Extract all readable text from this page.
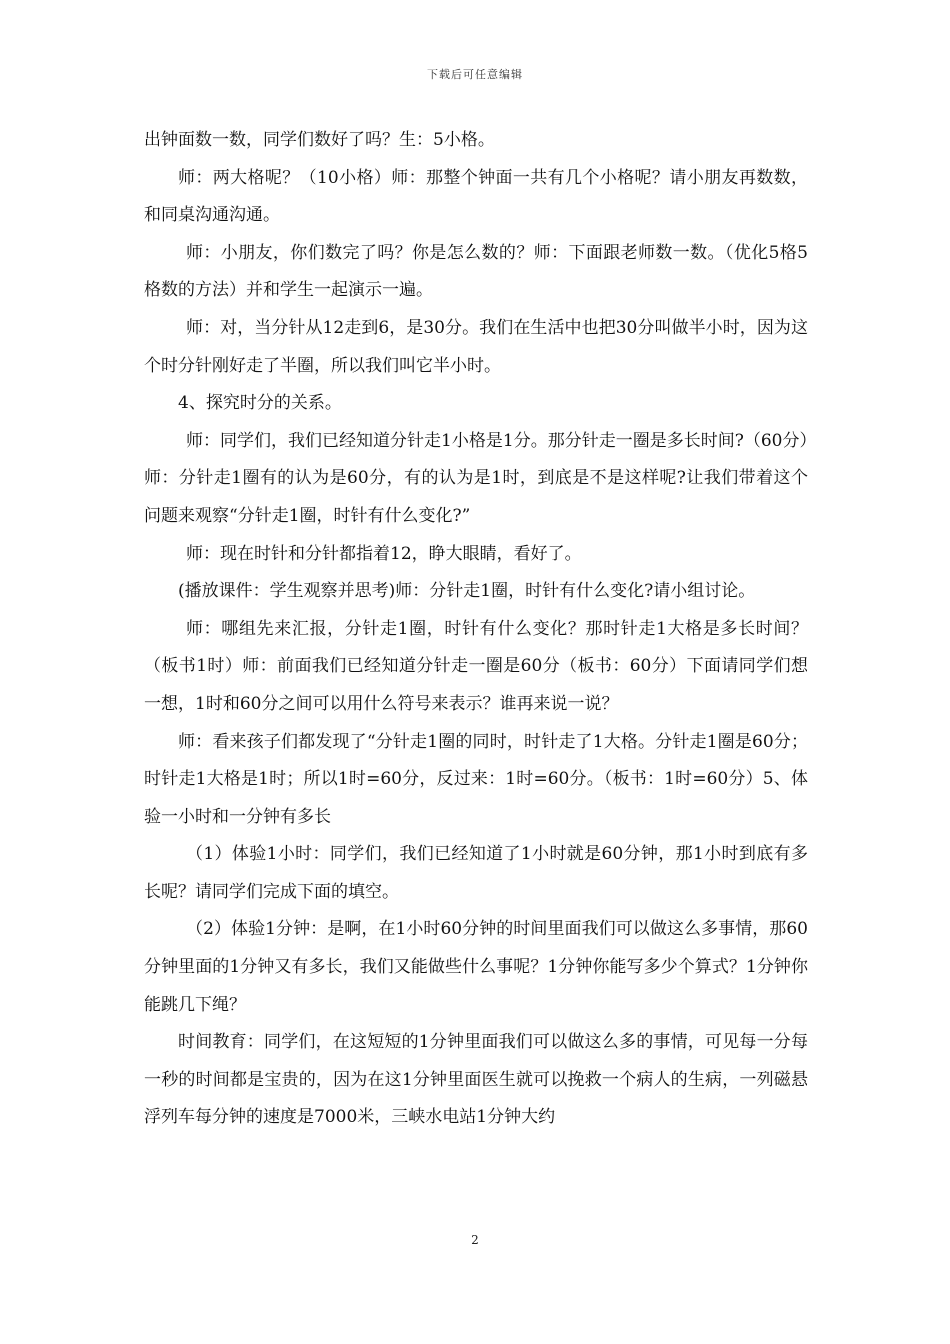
下载后可任意编辑

出钟面数一数，同学们数好了吗？生：5小格。

师：两大格呢？（10小格）师：那整个钟面一共有几个小格呢？请小朋友再数数，和同桌沟通沟通。

师：小朋友，你们数完了吗？你是怎么数的？师：下面跟老师数一数。（优化5格5格数的方法）并和学生一起演示一遍。

师：对，当分针从12走到6，是30分。我们在生活中也把30分叫做半小时，因为这个时分针刚好走了半圈，所以我们叫它半小时。

4、探究时分的关系。

师：同学们，我们已经知道分针走1小格是1分。那分针走一圈是多长时间?（60分）师：分针走1圈有的认为是60分，有的认为是1时，到底是不是这样呢?让我们带着这个问题来观察“分针走1圈，时针有什么变化?”

师：现在时针和分针都指着12，睁大眼睛，看好了。

(播放课件：学生观察并思考)师：分针走1圈，时针有什么变化?请小组讨论。

师：哪组先来汇报，分针走1圈，时针有什么变化？那时针走1大格是多长时间？（板书1时）师：前面我们已经知道分针走一圈是60分（板书：60分）下面请同学们想一想，1时和60分之间可以用什么符号来表示？谁再来说一说？

师：看来孩子们都发现了“分针走1圈的同时，时针走了1大格。分针走1圈是60分；时针走1大格是1时；所以1时=60分，反过来：1时=60分。（板书：1时=60分）5、体验一小时和一分钟有多长

（1）体验1小时：同学们，我们已经知道了1小时就是60分钟，那1小时到底有多长呢？请同学们完成下面的填空。

（2）体验1分钟：是啊，在1小时60分钟的时间里面我们可以做这么多事情，那60分钟里面的1分钟又有多长，我们又能做些什么事呢？1分钟你能写多少个算式？1分钟你能跳几下绳？

时间教育：同学们，在这短短的1分钟里面我们可以做这么多的事情，可见每一分每一秒的时间都是宝贵的，因为在这1分钟里面医生就可以挽救一个病人的生病，一列磁悬浮列车每分钟的速度是7000米，三峡水电站1分钟大约

2
